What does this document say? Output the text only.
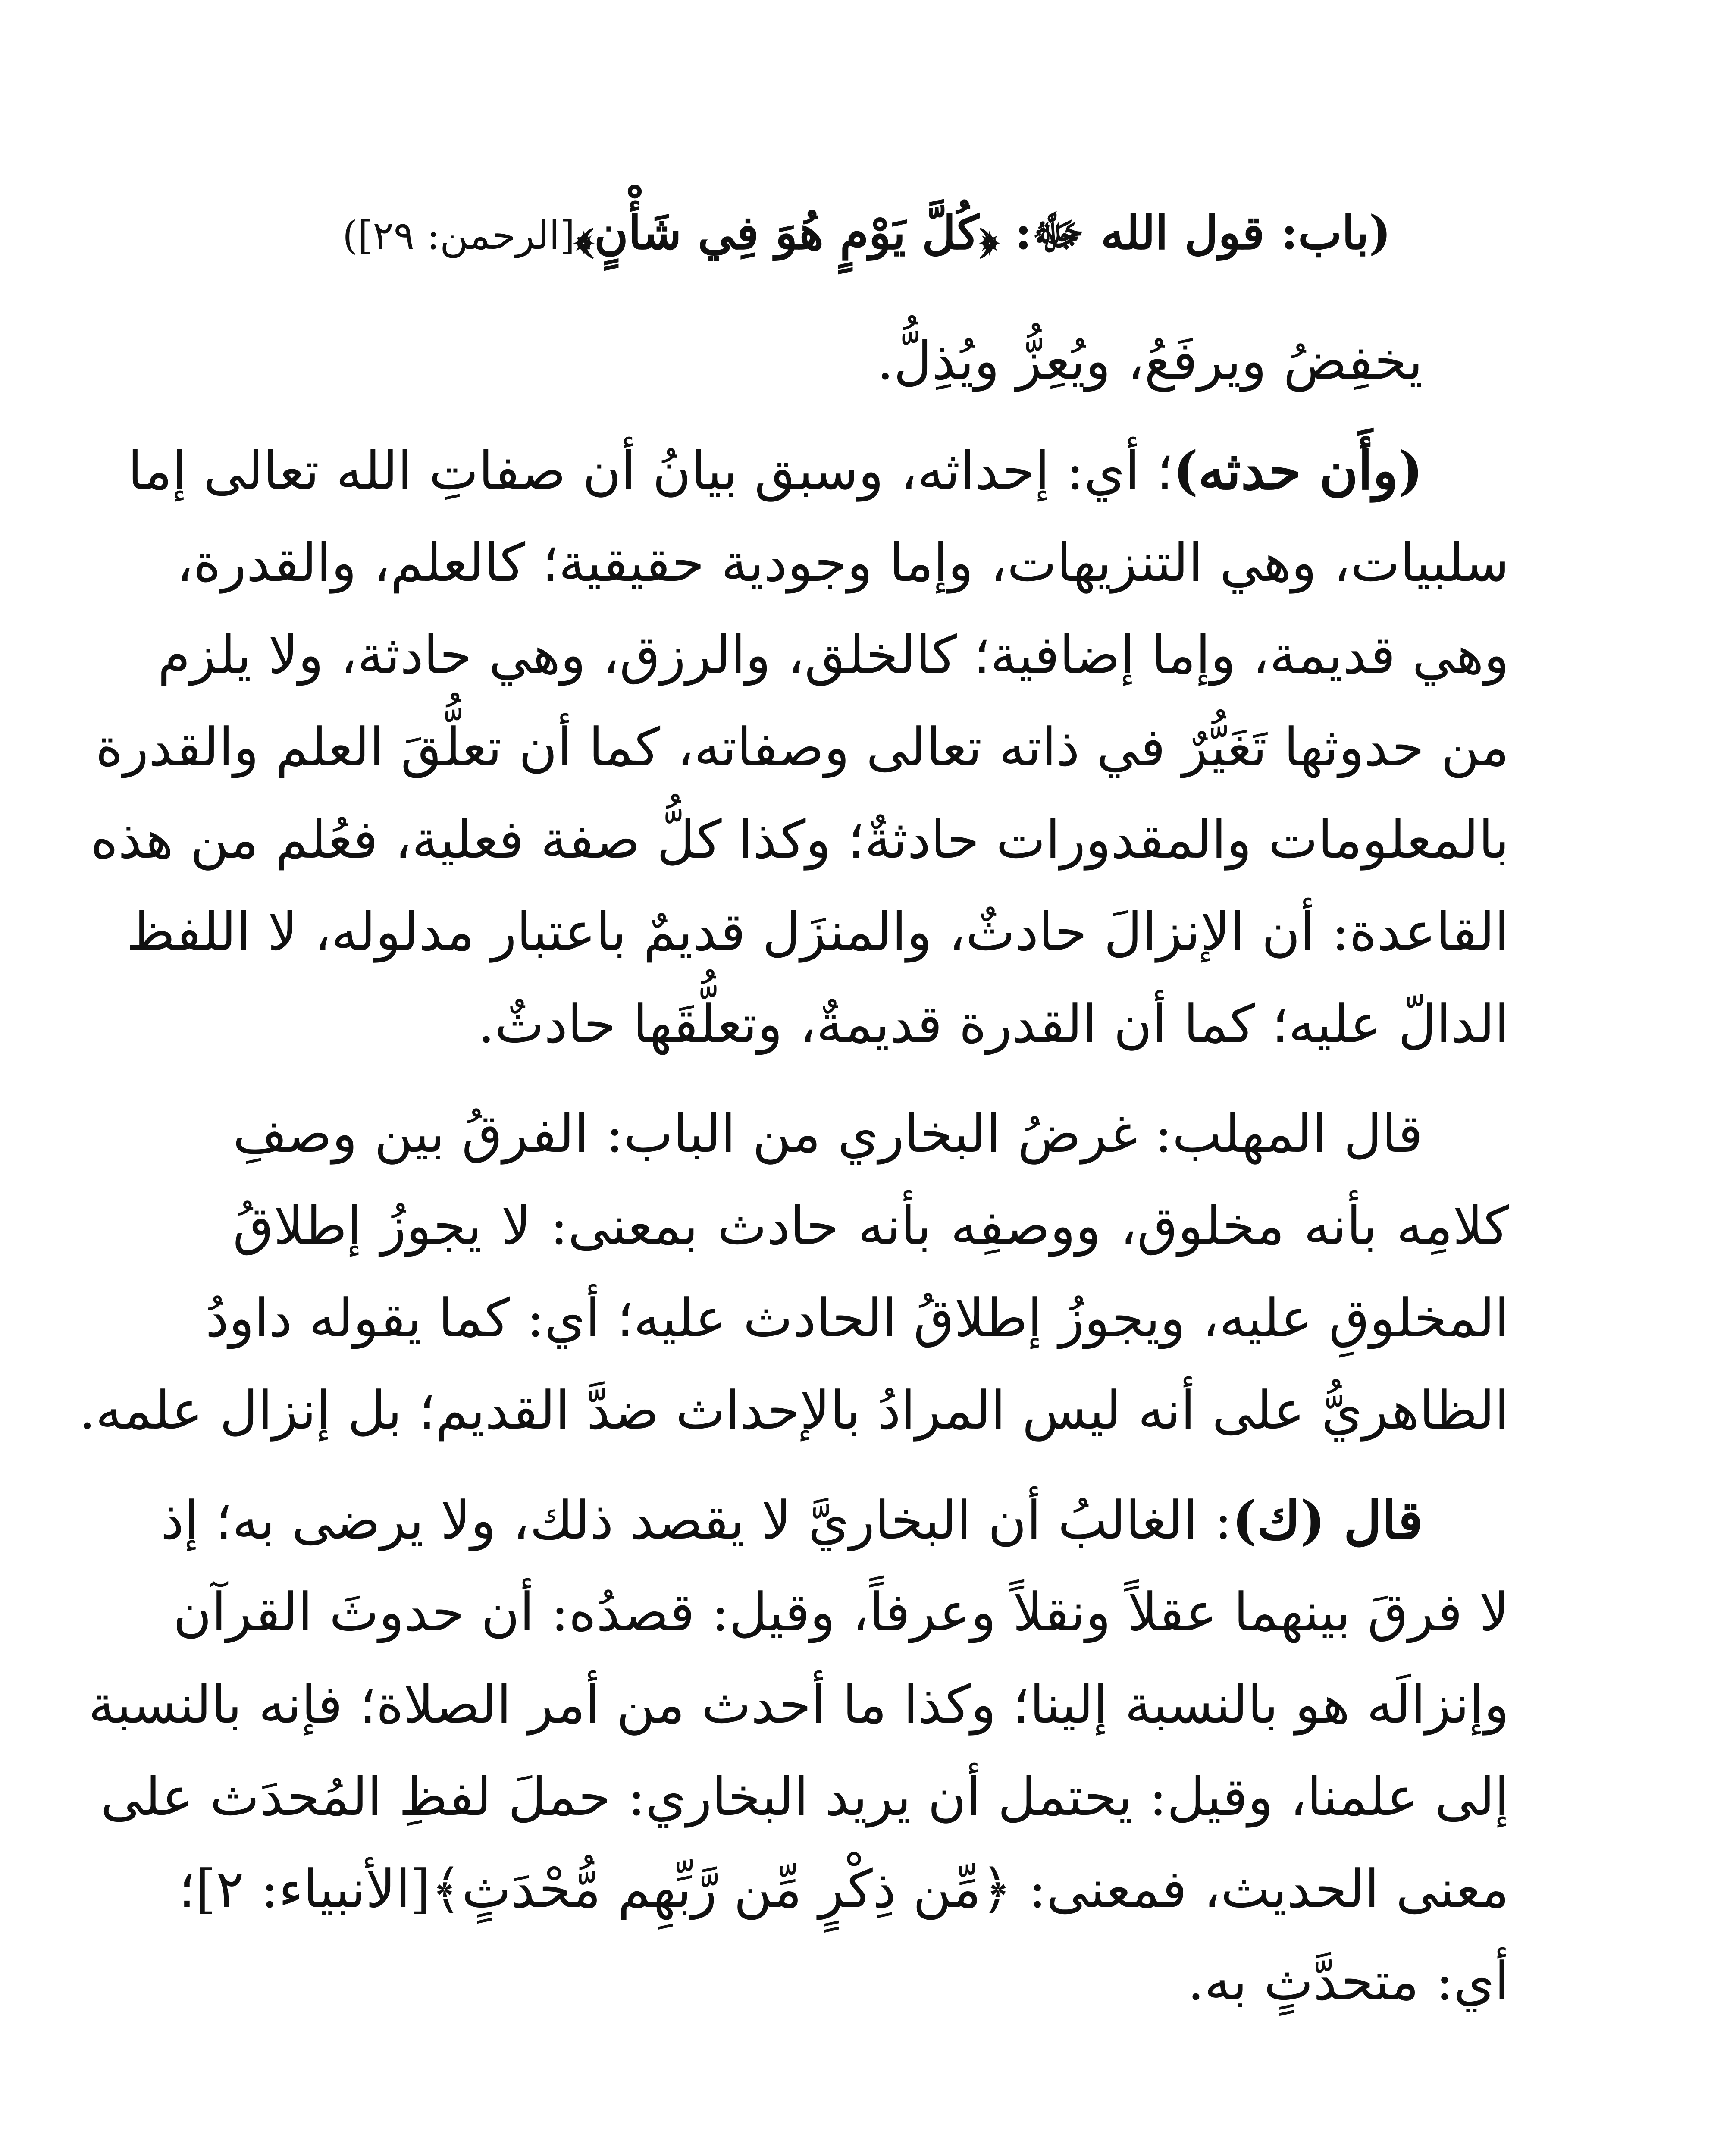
(باب: قول الله ﷻ: ﴿كُلَّ يَوْمٍ هُوَ فِي شَأْنٍ﴾[الرحمن: ٢٩])
يخفِضُ ويرفَعُ، ويُعِزُّ ويُذِلُّ.
(وأَن حدثه)؛ أي: إحداثه، وسبق بيانُ أن صفاتِ الله تعالى إما
سلبيات، وهي التنزيهات، وإما وجودية حقيقية؛ كالعلم، والقدرة،
وهي قديمة، وإما إضافية؛ كالخلق، والرزق، وهي حادثة، ولا يلزم
من حدوثها تَغَيُّرٌ في ذاته تعالى وصفاته، كما أن تعلُّقَ العلم والقدرة
بالمعلومات والمقدورات حادثةٌ؛ وكذا كلُّ صفة فعلية، فعُلم من هذه
القاعدة: أن الإنزالَ حادثٌ، والمنزَل قديمٌ باعتبار مدلوله، لا اللفظ
الدالّ عليه؛ كما أن القدرة قديمةٌ، وتعلُّقَها حادثٌ.
قال المهلب: غرضُ البخاري من الباب: الفرقُ بين وصفِ
كلامِه بأنه مخلوق، ووصفِه بأنه حادث بمعنى: لا يجوزُ إطلاقُ
المخلوقِ عليه، ويجوزُ إطلاقُ الحادث عليه؛ أي: كما يقوله داودُ
الظاهريُّ على أنه ليس المرادُ بالإحداث ضدَّ القديم؛ بل إنزال علمه.
قال (ك): الغالبُ أن البخاريَّ لا يقصد ذلك، ولا يرضى به؛ إذ
لا فرقَ بينهما عقلاً ونقلاً وعرفاً، وقيل: قصدُه: أن حدوثَ القرآن
وإنزالَه هو بالنسبة إلينا؛ وكذا ما أحدث من أمر الصلاة؛ فإنه بالنسبة
إلى علمنا، وقيل: يحتمل أن يريد البخاري: حملَ لفظِ المُحدَث على
معنى الحديث، فمعنى: ﴿مِّن ذِكْرٍ مِّن رَّبِّهِم مُّحْدَثٍ﴾[الأنبياء: ٢]؛
أي: متحدَّثٍ به.
